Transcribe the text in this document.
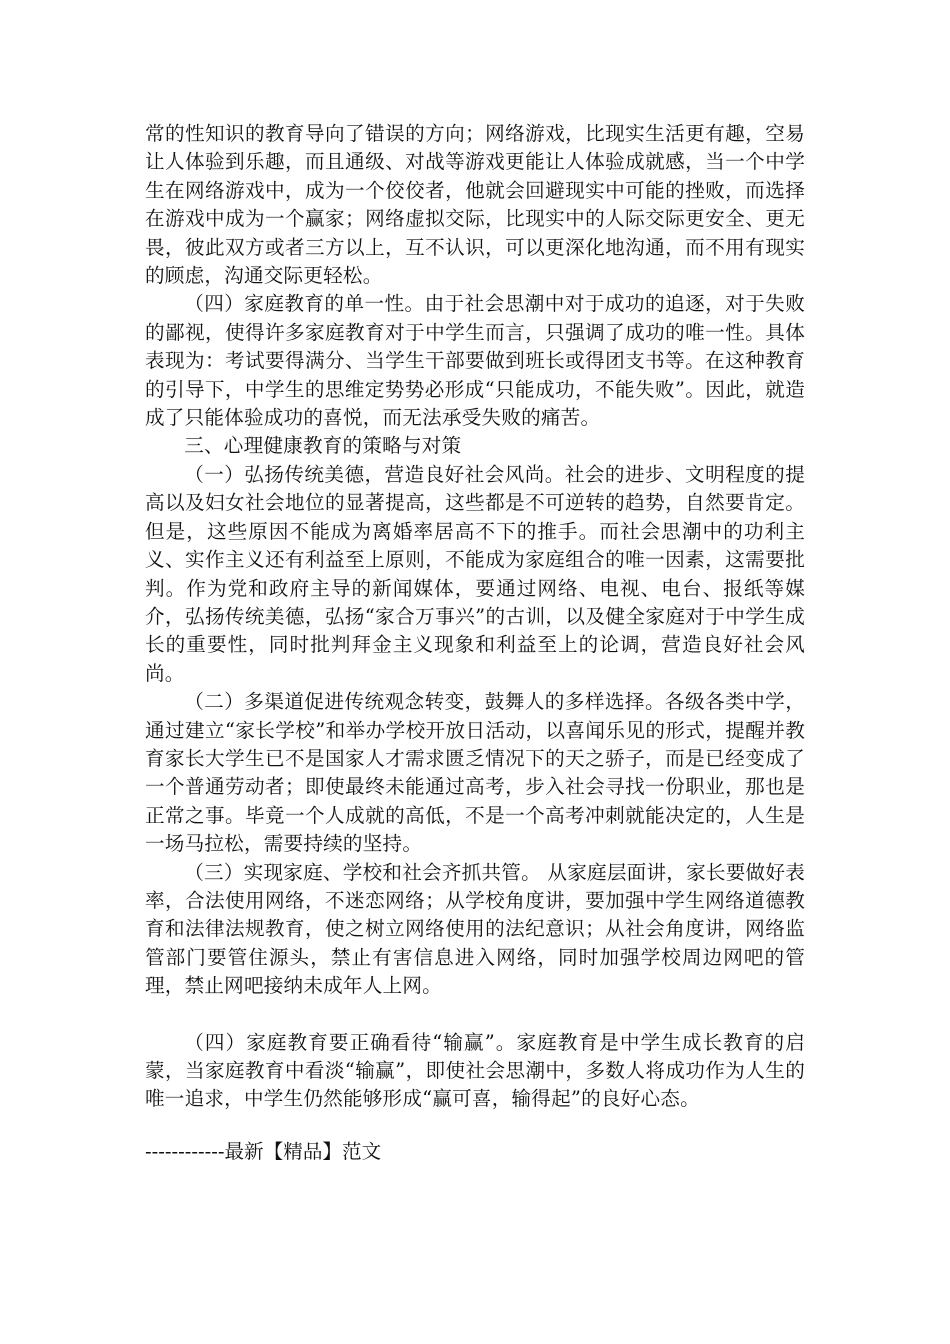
常的性知识的教育导向了错误的方向；网络游戏，比现实生活更有趣，空易让人体验到乐趣，而且通级、对战等游戏更能让人体验成就感，当一个中学生在网络游戏中，成为一个佼佼者，他就会回避现实中可能的挫败，而选择在游戏中成为一个赢家；网络虚拟交际，比现实中的人际交际更安全、更无畏，彼此双方或者三方以上，互不认识，可以更深化地沟通，而不用有现实的顾虑，沟通交际更轻松。

（四）家庭教育的单一性。由于社会思潮中对于成功的追逐，对于失败的鄙视，使得许多家庭教育对于中学生而言，只强调了成功的唯一性。具体表现为：考试要得满分、当学生干部要做到班长或得团支书等。在这种教育的引导下，中学生的思维定势势必形成“只能成功，不能失败”。因此，就造成了只能体验成功的喜悦，而无法承受失败的痛苦。

三、心理健康教育的策略与对策

（一）弘扬传统美德，营造良好社会风尚。社会的进步、文明程度的提高以及妇女社会地位的显著提高，这些都是不可逆转的趋势，自然要肯定。但是，这些原因不能成为离婚率居高不下的推手。而社会思潮中的功利主义、实作主义还有利益至上原则，不能成为家庭组合的唯一因素，这需要批判。作为党和政府主导的新闻媒体，要通过网络、电视、电台、报纸等媒介，弘扬传统美德，弘扬“家合万事兴”的古训，以及健全家庭对于中学生成长的重要性，同时批判拜金主义现象和利益至上的论调，营造良好社会风尚。

（二）多渠道促进传统观念转变，鼓舞人的多样选择。各级各类中学，通过建立“家长学校”和举办学校开放日活动，以喜闻乐见的形式，提醒并教育家长大学生已不是国家人才需求匮乏情况下的天之骄子，而是已经变成了一个普通劳动者；即使最终未能通过高考，步入社会寻找一份职业，那也是正常之事。毕竟一个人成就的高低，不是一个高考冲刺就能决定的，人生是一场马拉松，需要持续的坚持。

（三）实现家庭、学校和社会齐抓共管。 从家庭层面讲，家长要做好表率，合法使用网络，不迷恋网络；从学校角度讲，要加强中学生网络道德教育和法律法规教育，使之树立网络使用的法纪意识；从社会角度讲，网络监管部门要管住源头，禁止有害信息进入网络，同时加强学校周边网吧的管理，禁止网吧接纳未成年人上网。

（四）家庭教育要正确看待“输赢”。家庭教育是中学生成长教育的启蒙，当家庭教育中看淡“输赢”，即使社会思潮中，多数人将成功作为人生的唯一追求，中学生仍然能够形成“赢可喜，输得起”的良好心态。

------------最新【精品】范文
